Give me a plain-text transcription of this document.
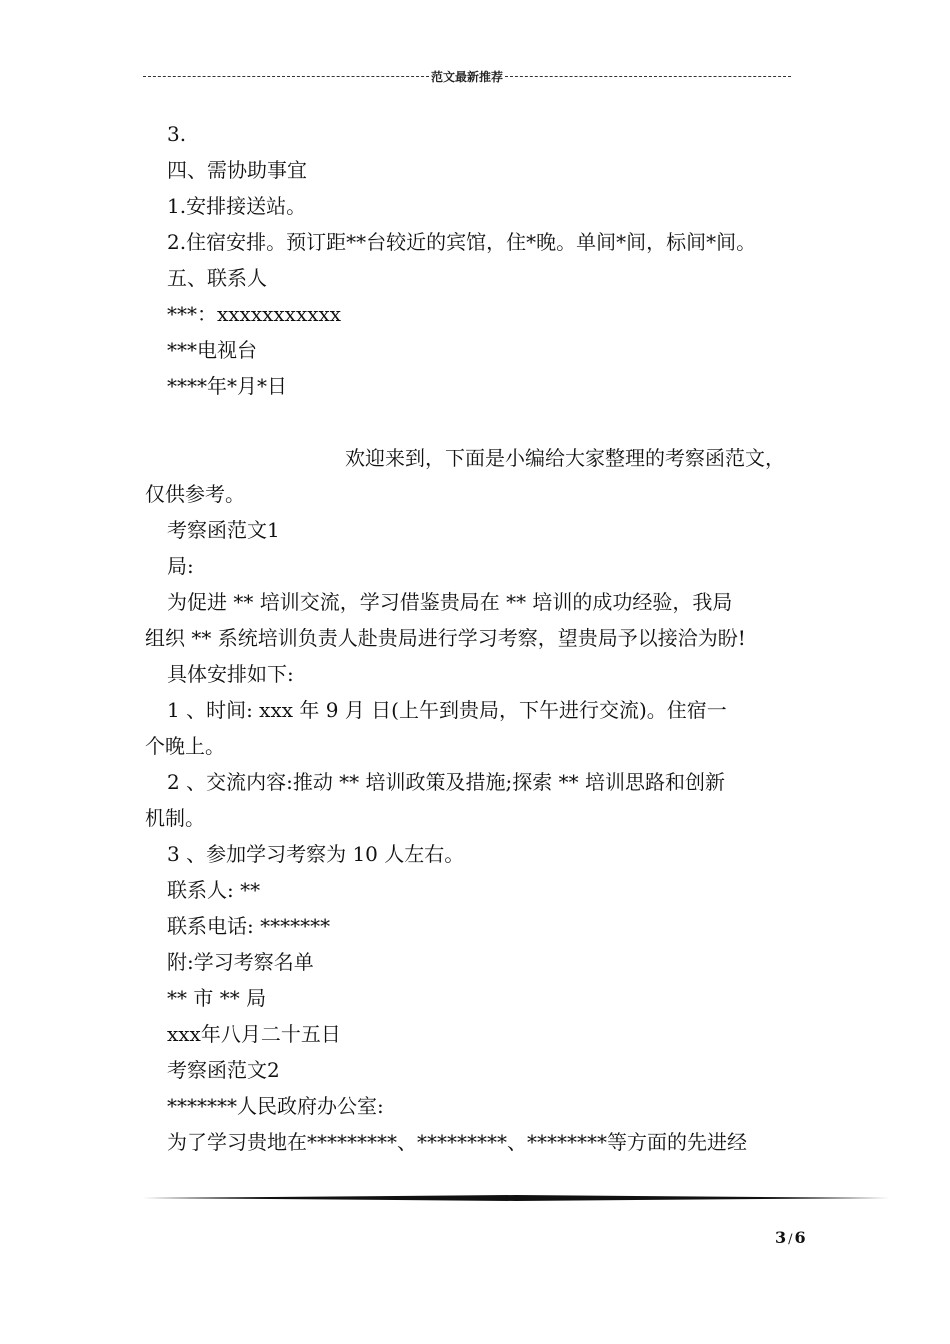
范文最新推荐

3.

四、需协助事宜

1.安排接送站。

2.住宿安排。预订距**台较近的宾馆，住*晚。单间*间，标间*间。

五、联系人

***：xxxxxxxxxxx

***电视台

****年*月*日

欢迎来到，下面是小编给大家整理的考察函范文，

仅供参考。

考察函范文1

局:

为促进 ** 培训交流，学习借鉴贵局在 ** 培训的成功经验，我局

组织 ** 系统培训负责人赴贵局进行学习考察，望贵局予以接洽为盼!

具体安排如下:

1 、时间: xxx 年 9 月 日(上午到贵局，下午进行交流)。住宿一

个晚上。

2 、交流内容:推动 ** 培训政策及措施;探索 ** 培训思路和创新

机制。

3 、参加学习考察为 10 人左右。

联系人: **

联系电话: *******

附:学习考察名单

** 市 ** 局

xxx年八月二十五日

考察函范文2

*******人民政府办公室:

为了学习贵地在*********、*********、********等方面的先进经

3 / 6
